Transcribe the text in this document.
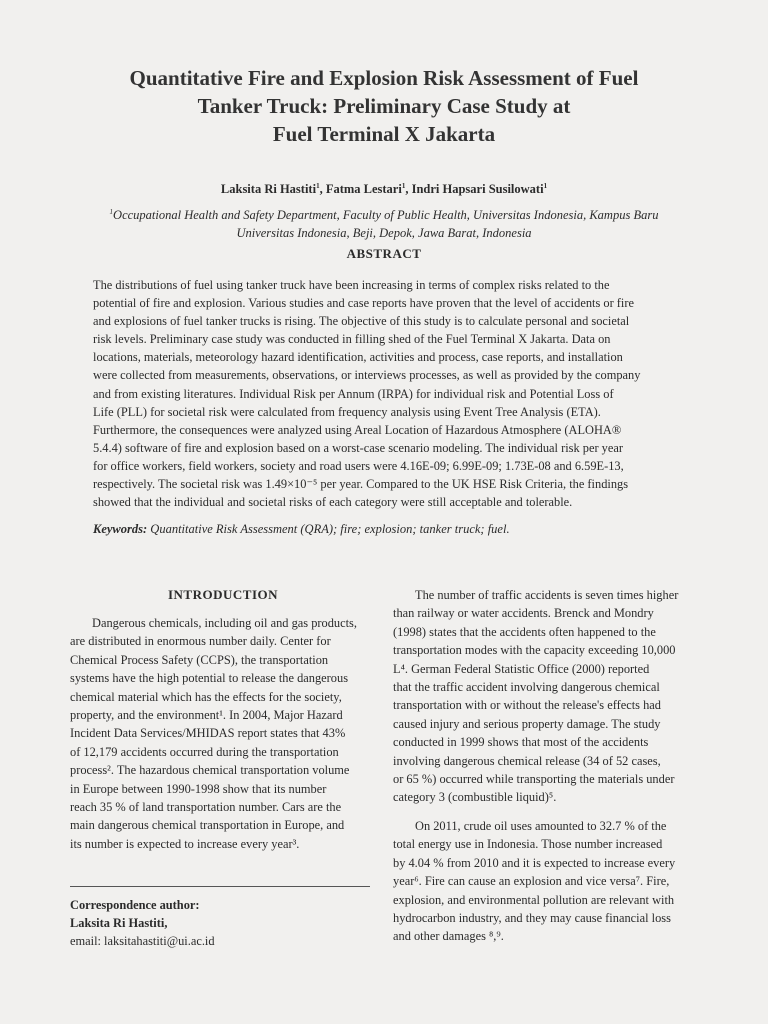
Quantitative Fire and Explosion Risk Assessment of Fuel
Tanker Truck: Preliminary Case Study at
Fuel Terminal X Jakarta
Laksita Ri Hastiti$^1$, Fatma Lestari$^1$, Indri Hapsari Susilowati$^1$
$^1$Occupational Health and Safety Department, Faculty of Public Health, Universitas Indonesia, Kampus Baru
Universitas Indonesia, Beji, Depok, Jawa Barat, Indonesia
ABSTRACT
The distributions of fuel using tanker truck have been increasing in terms of complex risks related to the
potential of fire and explosion. Various studies and case reports have proven that the level of accidents or fire
and explosions of fuel tanker trucks is rising. The objective of this study is to calculate personal and societal
risk levels. Preliminary case study was conducted in filling shed of the Fuel Terminal X Jakarta. Data on
locations, materials, meteorology hazard identification, activities and process, case reports, and installation
were collected from measurements, observations, or interviews processes, as well as provided by the company
and from existing literatures. Individual Risk per Annum (IRPA) for individual risk and Potential Loss of
Life (PLL) for societal risk were calculated from frequency analysis using Event Tree Analysis (ETA).
Furthermore, the consequences were analyzed using Areal Location of Hazardous Atmosphere (ALOHA®
5.4.4) software of fire and explosion based on a worst-case scenario modeling. The individual risk per year
for office workers, field workers, society and road users were 4.16E-09; 6.99E-09; 1.73E-08 and 6.59E-13,
respectively. The societal risk was 1.49×10⁻⁵ per year. Compared to the UK HSE Risk Criteria, the findings
showed that the individual and societal risks of each category were still acceptable and tolerable.
Keywords: Quantitative Risk Assessment (QRA); fire; explosion; tanker truck; fuel.
INTRODUCTION
Dangerous chemicals, including oil and gas products,
are distributed in enormous number daily. Center for
Chemical Process Safety (CCPS), the transportation
systems have the high potential to release the dangerous
chemical material which has the effects for the society,
property, and the environment¹. In 2004, Major Hazard
Incident Data Services/MHIDAS report states that 43%
of 12,179 accidents occurred during the transportation
process². The hazardous chemical transportation volume
in Europe between 1990-1998 show that its number
reach 35 % of land transportation number. Cars are the
main dangerous chemical transportation in Europe, and
its number is expected to increase every year³.
The number of traffic accidents is seven times higher
than railway or water accidents. Brenck and Mondry
(1998) states that the accidents often happened to the
transportation modes with the capacity exceeding 10,000
L⁴. German Federal Statistic Office (2000) reported
that the traffic accident involving dangerous chemical
transportation with or without the release's effects had
caused injury and serious property damage. The study
conducted in 1999 shows that most of the accidents
involving dangerous chemical release (34 of 52 cases,
or 65 %) occurred while transporting the materials under
category 3 (combustible liquid)⁵.
On 2011, crude oil uses amounted to 32.7 % of the
total energy use in Indonesia. Those number increased
by 4.04 % from 2010 and it is expected to increase every
year⁶. Fire can cause an explosion and vice versa⁷. Fire,
explosion, and environmental pollution are relevant with
hydrocarbon industry, and they may cause financial loss
and other damages ⁸,⁹.
Correspondence author:
Laksita Ri Hastiti,
email: laksitahastiti@ui.ac.id
